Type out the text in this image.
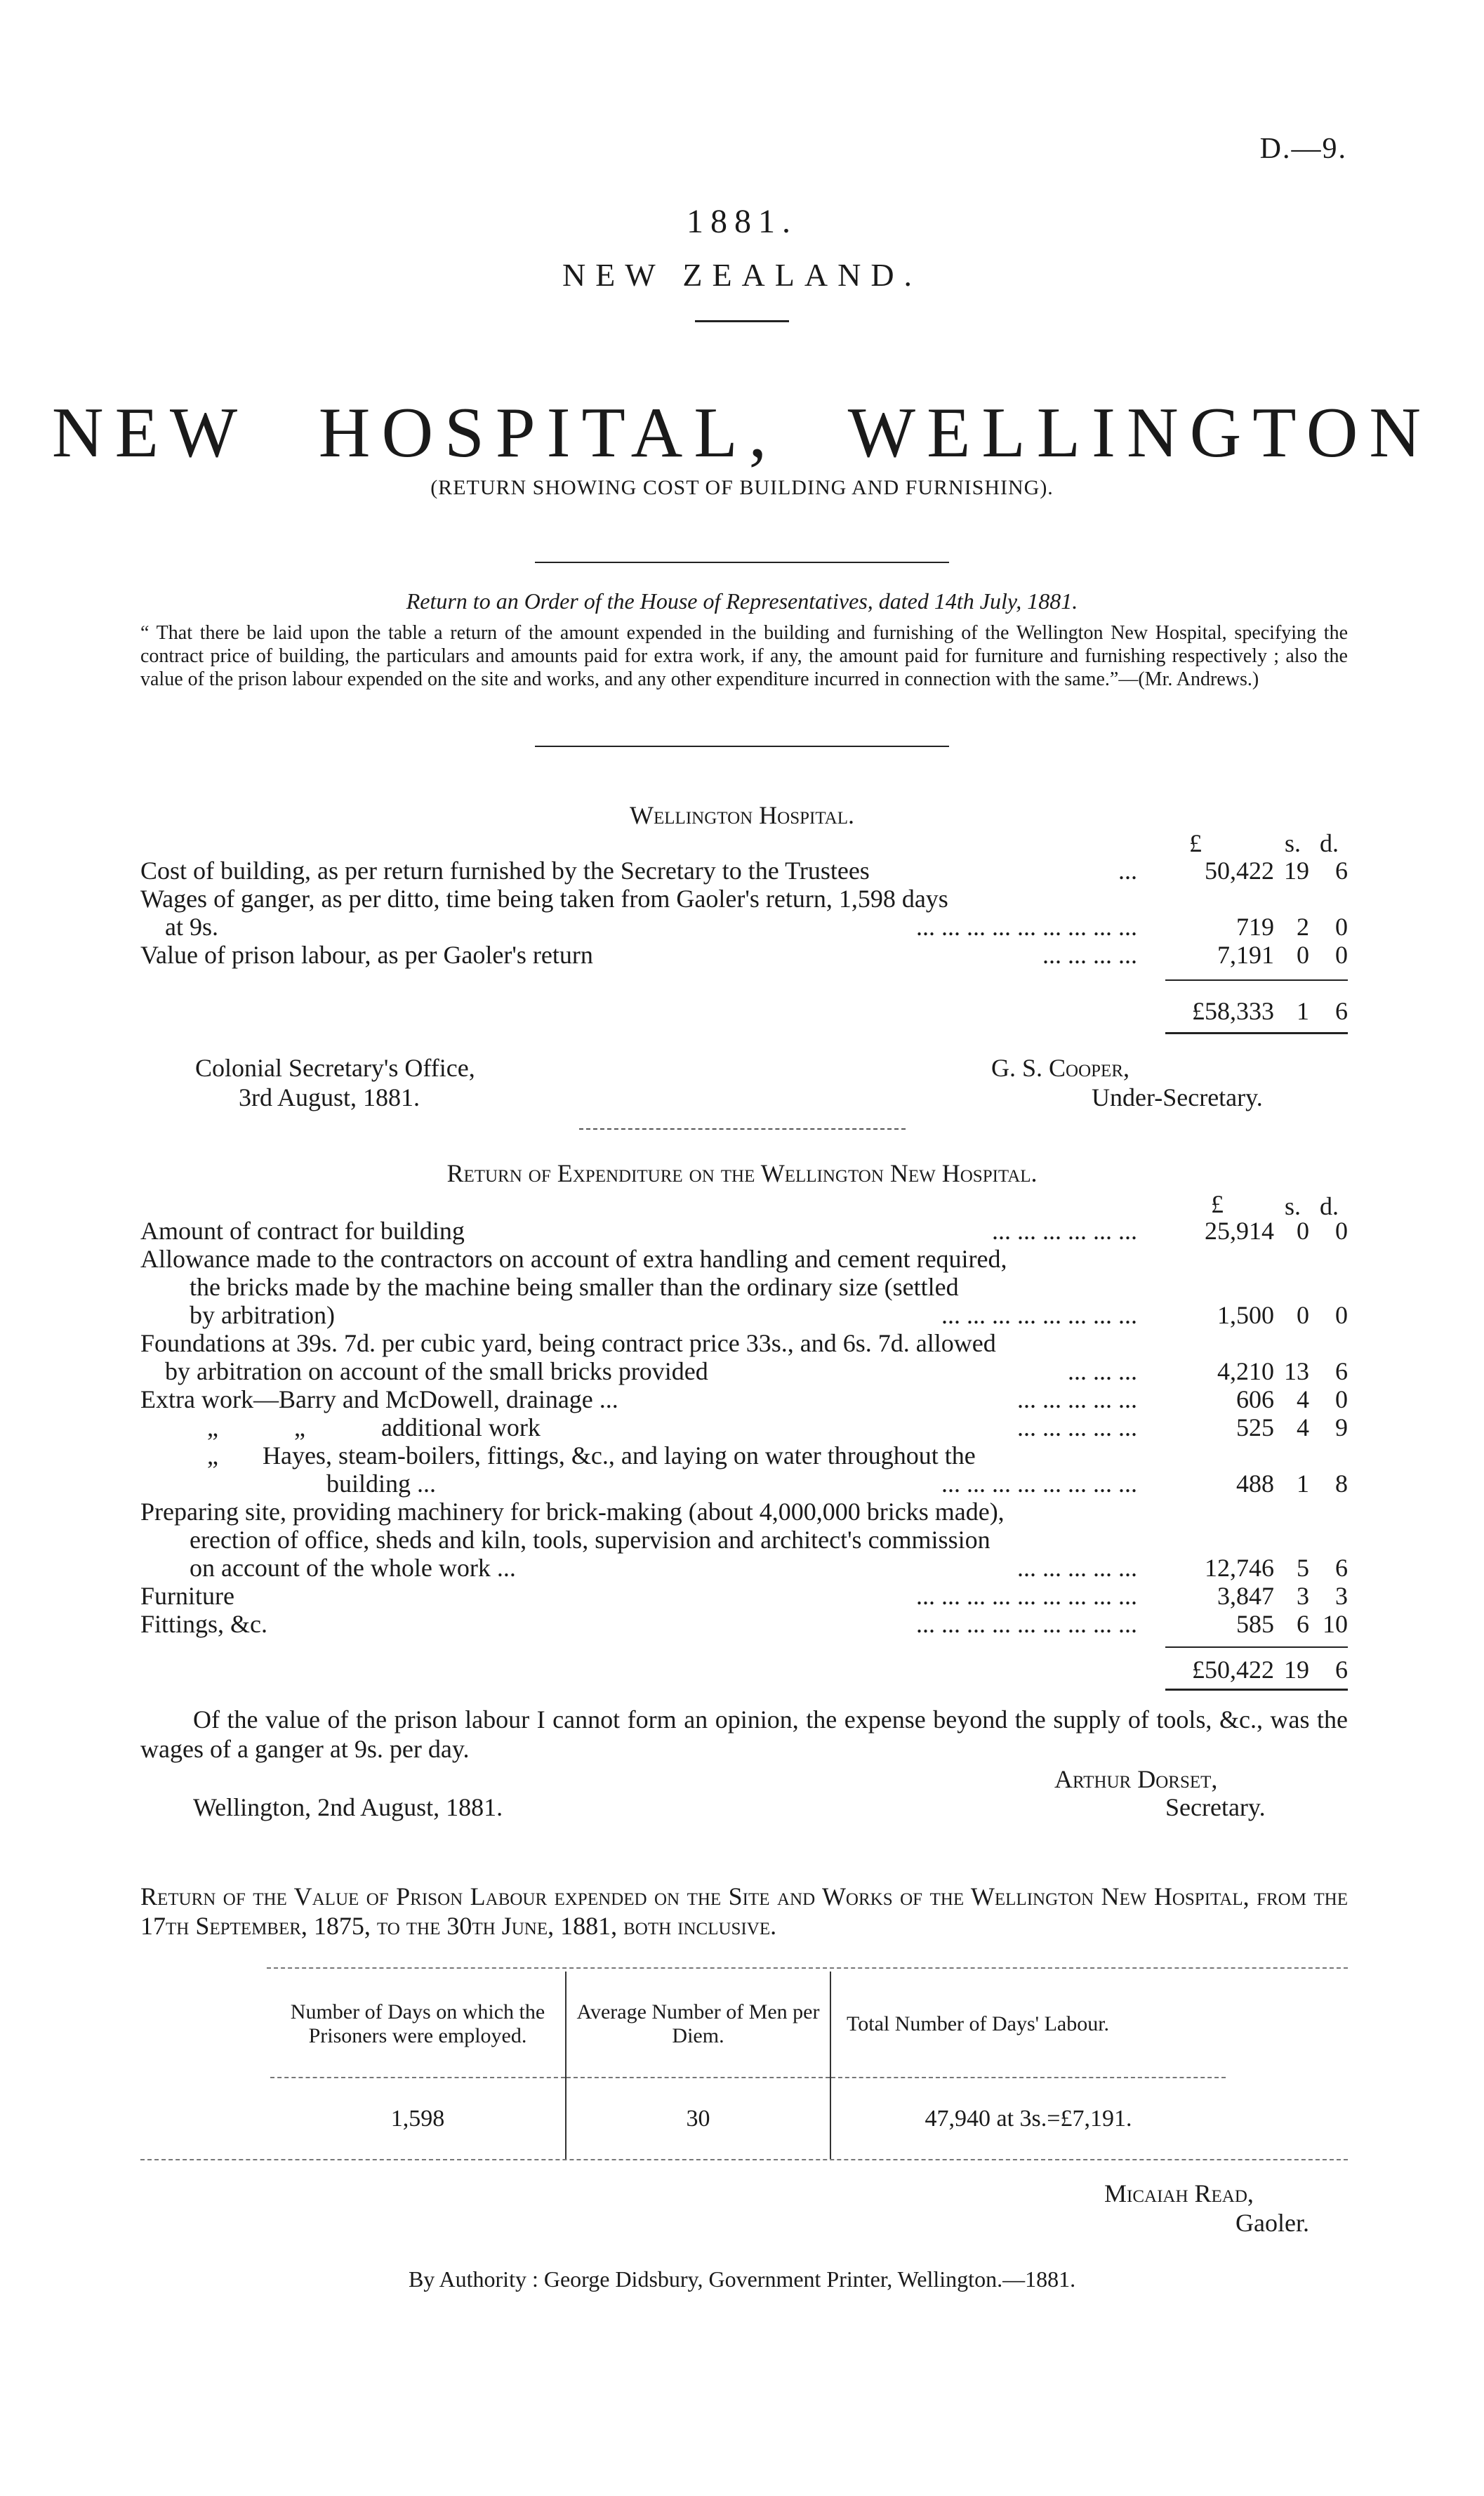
D.—9.
1881.
NEW ZEALAND.
NEW HOSPITAL, WELLINGTON
(RETURN SHOWING COST OF BUILDING AND FURNISHING).
Return to an Order of the House of Representatives, dated 14th July, 1881.
“ That there be laid upon the table a return of the amount expended in the building and furnishing of the Wellington New Hospital, specifying the contract price of building, the particulars and amounts paid for extra work, if any, the amount paid for furniture and furnishing respectively ; also the value of the prison labour expended on the site and works, and any other expenditure incurred in connection with the same.”—(Mr. Andrews.)
Wellington Hospital.
£	s. d.
Cost of building, as per return furnished by the Secretary to the Trustees	...	50,422 19	6
Wages of ganger, as per ditto, time being taken from Gaoler's return, 1,598 days
at 9s.	... ... ... ... ... ... ... ... ...	719 2	0
Value of prison labour, as per Gaoler's return	... ... ... ...	7,191 0	0
£58,333 1	6
Colonial Secretary's Office,
3rd August, 1881.
G. S. Cooper,
Under-Secretary.
Return of Expenditure on the Wellington New Hospital.
£ s. d.
Amount of contract for building	... ... ... ... ... ...	25,914 0	0
Allowance made to the contractors on account of extra handling and cement required,
the bricks made by the machine being smaller than the ordinary size (settled
by arbitration)	... ... ... ... ... ... ... ...	1,500 0	0
Foundations at 39s. 7d. per cubic yard, being contract price 33s., and 6s. 7d. allowed
by arbitration on account of the small bricks provided	... ... ...	4,210 13	6
Extra work—Barry and McDowell, drainage ...	... ... ... ... ...	606 4	0
„            „            additional work	... ... ... ... ...	525 4	9
„       Hayes, steam-boilers, fittings, &c., and laying on water throughout the
building ...	... ... ... ... ... ... ... ...	488 1	8
Preparing site, providing machinery for brick-making (about 4,000,000 bricks made),
erection of office, sheds and kiln, tools, supervision and architect's commission
on account of the whole work ...	... ... ... ... ...	12,746 5	6
Furniture	... ... ... ... ... ... ... ... ...	3,847 3	3
Fittings, &c.	... ... ... ... ... ... ... ... ...	585 6 10
£50,422 19	6
Of the value of the prison labour I cannot form an opinion, the expense beyond the supply of tools, &c., was the wages of a ganger at 9s. per day.
Arthur Dorset,
Wellington, 2nd August, 1881.	Secretary.
Return of the Value of Prison Labour expended on the Site and Works of the Wellington New Hospital, from the 17th September, 1875, to the 30th June, 1881, both inclusive.
Number of Days on which the Prisoners were employed.	Average Number of Men per Diem.	Total Number of Days' Labour.
1,598	30	47,940 at 3s.=£7,191.
Micaiah Read,
Gaoler.
By Authority : George Didsbury, Government Printer, Wellington.—1881.
